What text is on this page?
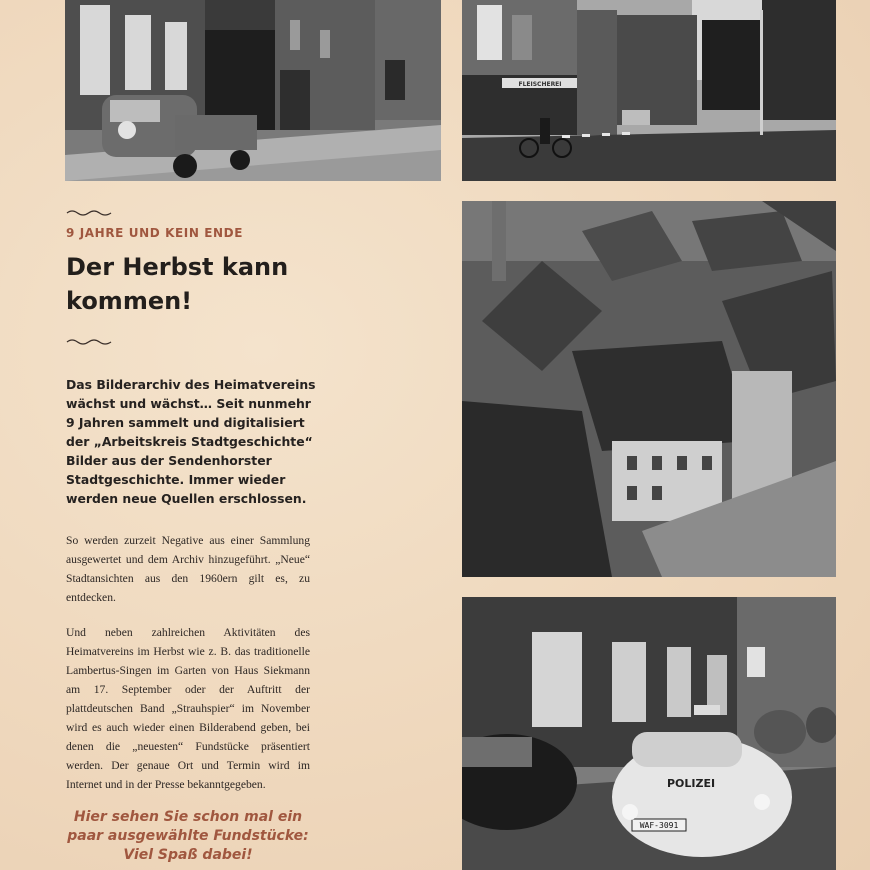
FLEISCHEREI
POLIZEI
WAF-3091
9 JAHRE UND KEIN ENDE
Der Herbst kann kommen!

Das Bilderarchiv des Heimatvereins wächst und wächst… Seit nunmehr 9 Jahren sammelt und digitalisiert der „Arbeitskreis Stadtgeschichte“ Bilder aus der Sendenhorster Stadtgeschichte. Immer wieder werden neue Quellen erschlossen.

So werden zurzeit Negative aus einer Sammlung ausgewertet und dem Archiv hinzugeführt. „Neue“ Stadtansichten aus den 1960ern gilt es, zu entdecken.

Und neben zahlreichen Aktivitäten des Heimatvereins im Herbst wie z. B. das traditionelle Lambertus-Singen im Garten von Haus Siekmann am 17. September oder der Auftritt der plattdeutschen Band „Strauhspier“ im November wird es auch wieder einen Bilderabend geben, bei denen die „neuesten“ Fundstücke präsentiert werden. Der genaue Ort und Termin wird im Internet und in der Presse bekanntgegeben.

Hier sehen Sie schon mal ein
paar ausgewählte Fundstücke:
Viel Spaß dabei!
